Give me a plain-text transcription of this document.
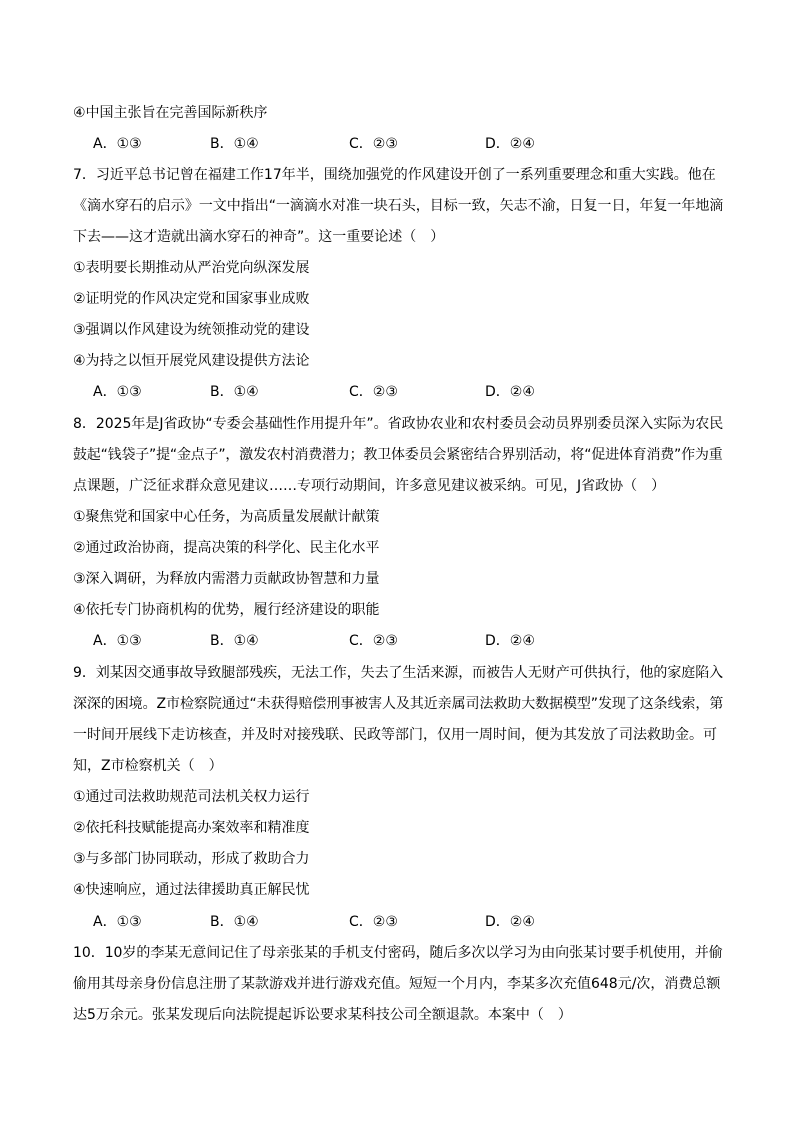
④中国主张旨在完善国际新秩序
A．①③	B．①④	C．②③	D．②④
7．习近平总书记曾在福建工作17年半，围绕加强党的作风建设开创了一系列重要理念和重大实践。他在
《滴水穿石的启示》一文中指出“一滴滴水对准一块石头，目标一致，矢志不渝，日复一日，年复一年地滴
下去——这才造就出滴水穿石的神奇”。这一重要论述（　）
①表明要长期推动从严治党向纵深发展
②证明党的作风决定党和国家事业成败
③强调以作风建设为统领推动党的建设
④为持之以恒开展党风建设提供方法论
A．①③	B．①④	C．②③	D．②④
8．2025年是J省政协“专委会基础性作用提升年”。省政协农业和农村委员会动员界别委员深入实际为农民
鼓起“钱袋子”提“金点子”，激发农村消费潜力；教卫体委员会紧密结合界别活动，将“促进体育消费”作为重
点课题，广泛征求群众意见建议……专项行动期间，许多意见建议被采纳。可见，J省政协（　）
①聚焦党和国家中心任务，为高质量发展献计献策
②通过政治协商，提高决策的科学化、民主化水平
③深入调研，为释放内需潜力贡献政协智慧和力量
④依托专门协商机构的优势，履行经济建设的职能
A．①③	B．①④	C．②③	D．②④
9．刘某因交通事故导致腿部残疾，无法工作，失去了生活来源，而被告人无财产可供执行，他的家庭陷入
深深的困境。Z市检察院通过“未获得赔偿刑事被害人及其近亲属司法救助大数据模型”发现了这条线索，第
一时间开展线下走访核查，并及时对接残联、民政等部门，仅用一周时间，便为其发放了司法救助金。可
知，Z市检察机关（　）
①通过司法救助规范司法机关权力运行
②依托科技赋能提高办案效率和精准度
③与多部门协同联动，形成了救助合力
④快速响应，通过法律援助真正解民忧
A．①③	B．①④	C．②③	D．②④
10．10岁的李某无意间记住了母亲张某的手机支付密码，随后多次以学习为由向张某讨要手机使用，并偷
偷用其母亲身份信息注册了某款游戏并进行游戏充值。短短一个月内，李某多次充值648元/次，消费总额
达5万余元。张某发现后向法院提起诉讼要求某科技公司全额退款。本案中（　）
